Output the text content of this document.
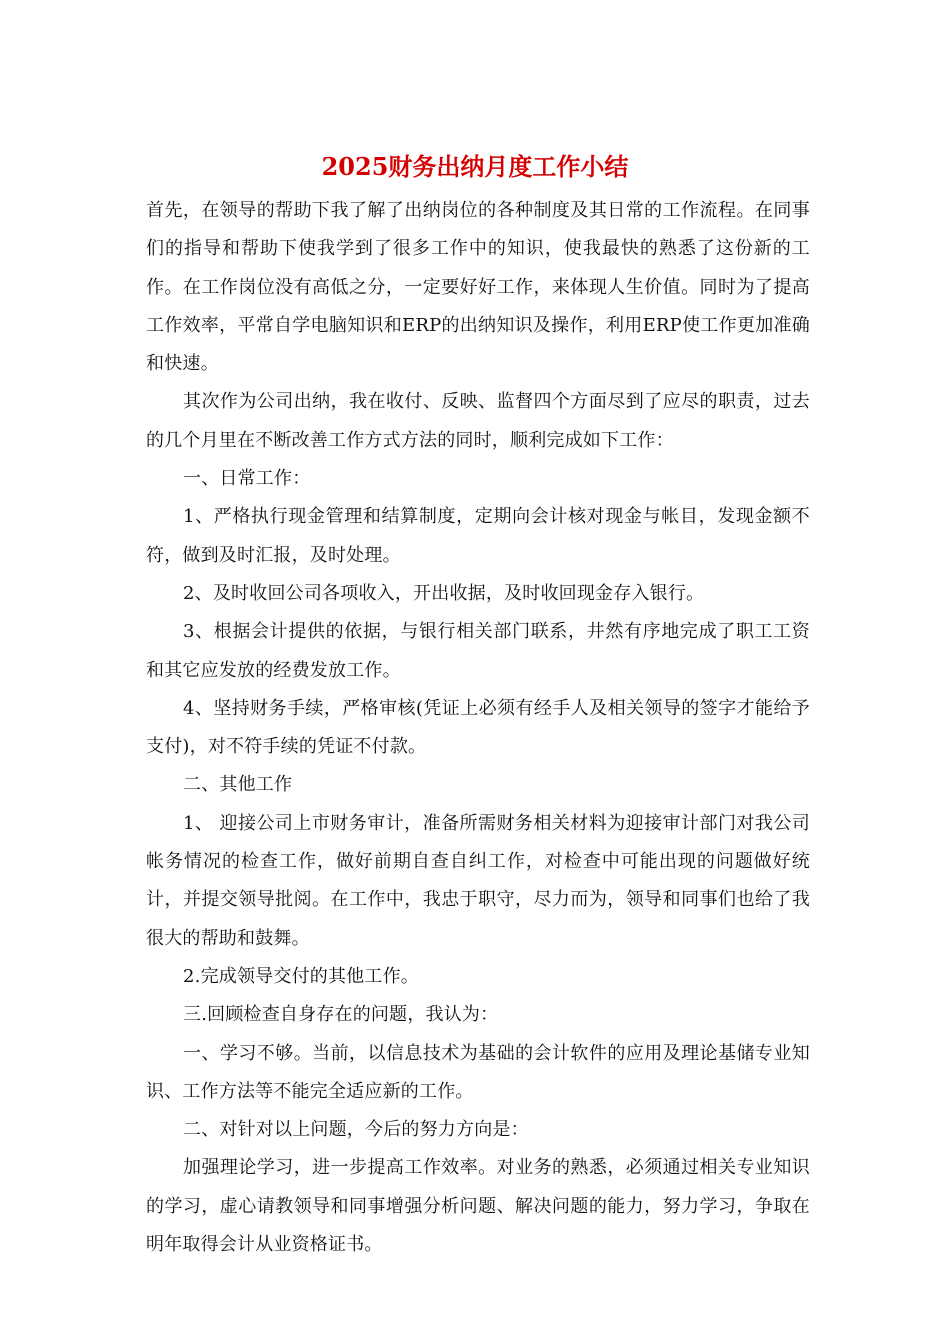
2025财务出纳月度工作小结

首先，在领导的帮助下我了解了出纳岗位的各种制度及其日常的工作流程。在同事们的指导和帮助下使我学到了很多工作中的知识，使我最快的熟悉了这份新的工作。在工作岗位没有高低之分，一定要好好工作，来体现人生价值。同时为了提高工作效率，平常自学电脑知识和ERP的出纳知识及操作，利用ERP使工作更加准确和快速。

其次作为公司出纳，我在收付、反映、监督四个方面尽到了应尽的职责，过去的几个月里在不断改善工作方式方法的同时，顺利完成如下工作：

一、日常工作：

1、严格执行现金管理和结算制度，定期向会计核对现金与帐目，发现金额不符，做到及时汇报，及时处理。

2、及时收回公司各项收入，开出收据，及时收回现金存入银行。

3、根据会计提供的依据，与银行相关部门联系，井然有序地完成了职工工资和其它应发放的经费发放工作。

4、坚持财务手续，严格审核(凭证上必须有经手人及相关领导的签字才能给予支付)，对不符手续的凭证不付款。

二、其他工作

1、 迎接公司上市财务审计，准备所需财务相关材料为迎接审计部门对我公司帐务情况的检查工作，做好前期自查自纠工作，对检查中可能出现的问题做好统计，并提交领导批阅。在工作中，我忠于职守，尽力而为，领导和同事们也给了我很大的帮助和鼓舞。

2.完成领导交付的其他工作。

三.回顾检查自身存在的问题，我认为：

一、学习不够。当前，以信息技术为基础的会计软件的应用及理论基储专业知识、工作方法等不能完全适应新的工作。

二、对针对以上问题，今后的努力方向是：

加强理论学习，进一步提高工作效率。对业务的熟悉，必须通过相关专业知识的学习，虚心请教领导和同事增强分析问题、解决问题的能力，努力学习，争取在明年取得会计从业资格证书。
